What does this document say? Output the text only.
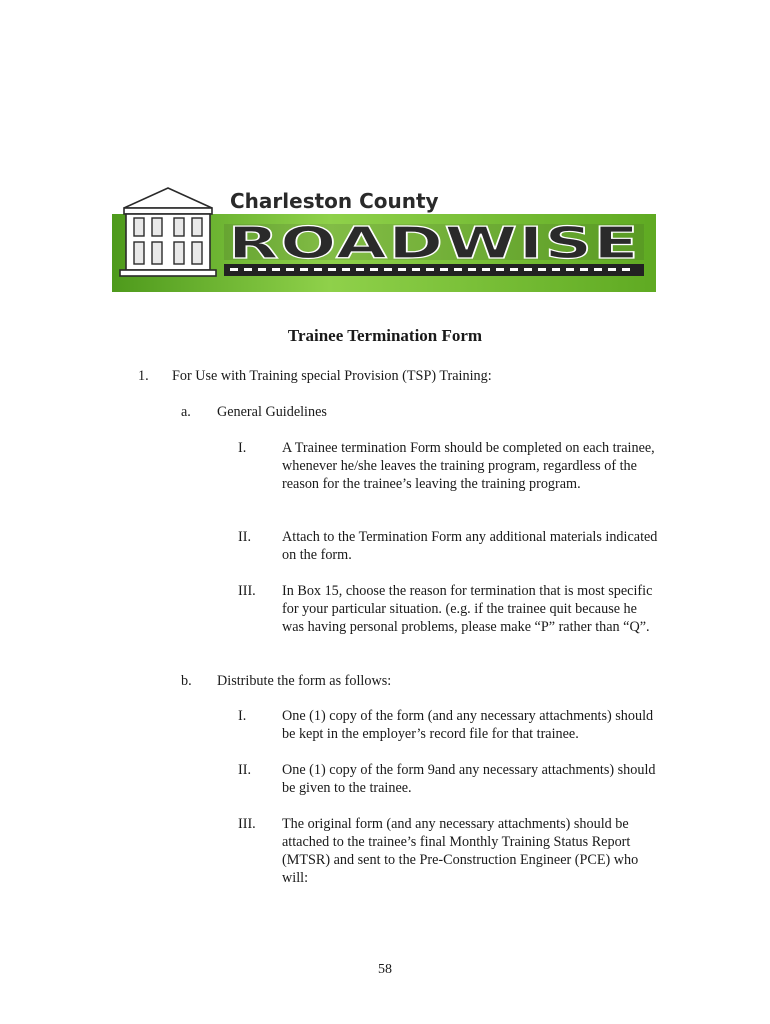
Charleston County
ROADWISE
Trainee Termination Form
1. For Use with Training special Provision (TSP) Training:
a. General Guidelines
I.	A Trainee termination Form should be completed on each trainee, whenever he/she leaves the training program, regardless of the reason for the trainee’s leaving the training program.
II. Attach to the Termination Form any additional materials indicated on the form.
III. In Box 15, choose the reason for termination that is most specific for your particular situation. (e.g. if the trainee quit because he was having personal problems, please make “P” rather than “Q”.
b. Distribute the form as follows:
I.	One (1) copy of the form (and any necessary attachments) should be kept in the employer’s record file for that trainee.
II. One (1) copy of the form 9and any necessary attachments) should be given to the trainee.
III. The original form (and any necessary attachments) should be attached to the trainee’s final Monthly Training Status Report (MTSR) and sent to the Pre-Construction Engineer (PCE) who will:
58
